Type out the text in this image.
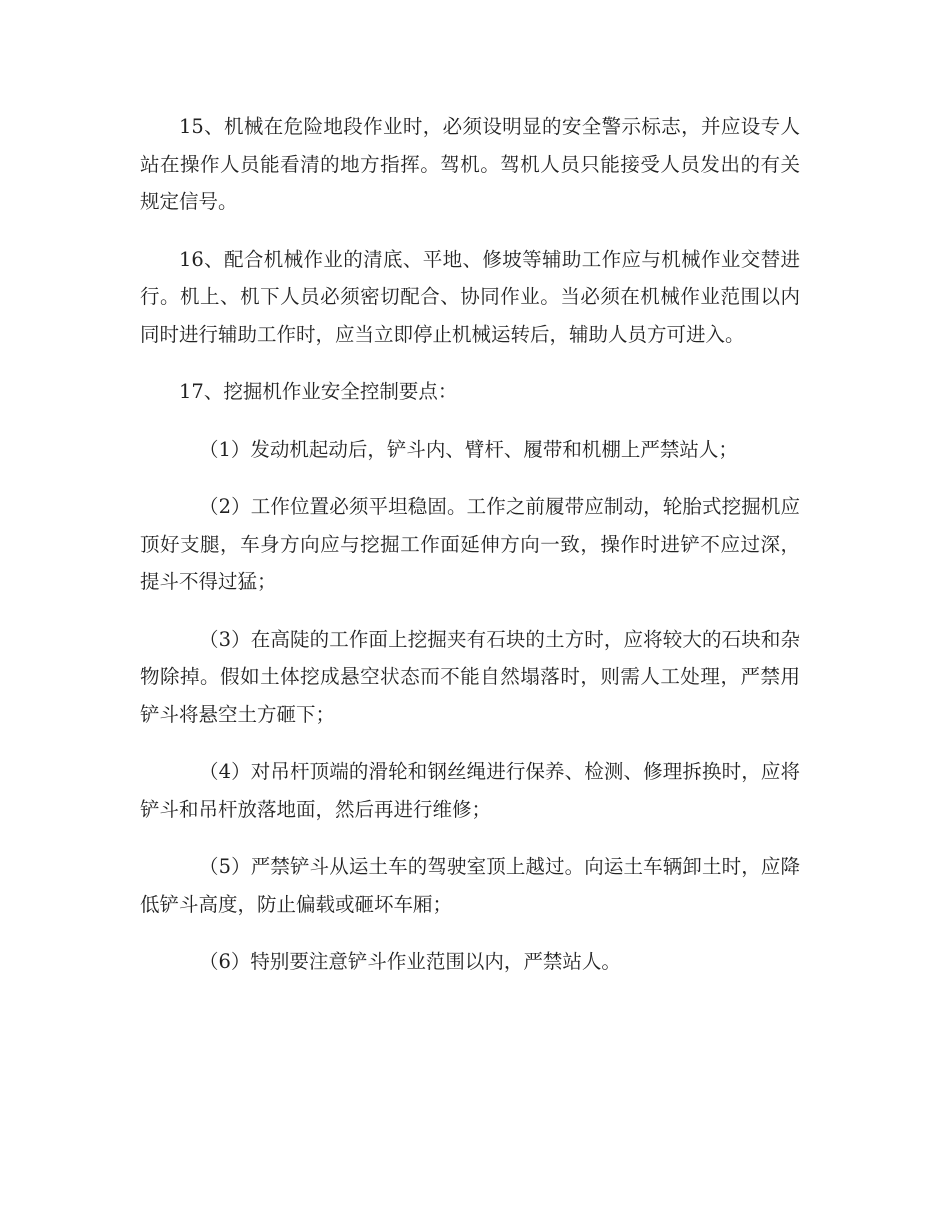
15、机械在危险地段作业时，必须设明显的安全警示标志，并应设专人站在操作人员能看清的地方指挥。驾机。驾机人员只能接受人员发出的有关规定信号。

16、配合机械作业的清底、平地、修坡等辅助工作应与机械作业交替进行。机上、机下人员必须密切配合、协同作业。当必须在机械作业范围以内同时进行辅助工作时，应当立即停止机械运转后，辅助人员方可进入。

17、挖掘机作业安全控制要点：

（1）发动机起动后，铲斗内、臂杆、履带和机棚上严禁站人；

（2）工作位置必须平坦稳固。工作之前履带应制动，轮胎式挖掘机应顶好支腿，车身方向应与挖掘工作面延伸方向一致，操作时进铲不应过深，提斗不得过猛；

（3）在高陡的工作面上挖掘夹有石块的土方时，应将较大的石块和杂物除掉。假如土体挖成悬空状态而不能自然塌落时，则需人工处理，严禁用铲斗将悬空土方砸下；

（4）对吊杆顶端的滑轮和钢丝绳进行保养、检测、修理拆换时，应将铲斗和吊杆放落地面，然后再进行维修；

（5）严禁铲斗从运土车的驾驶室顶上越过。向运土车辆卸土时，应降低铲斗高度，防止偏载或砸坏车厢；

（6）特别要注意铲斗作业范围以内，严禁站人。
